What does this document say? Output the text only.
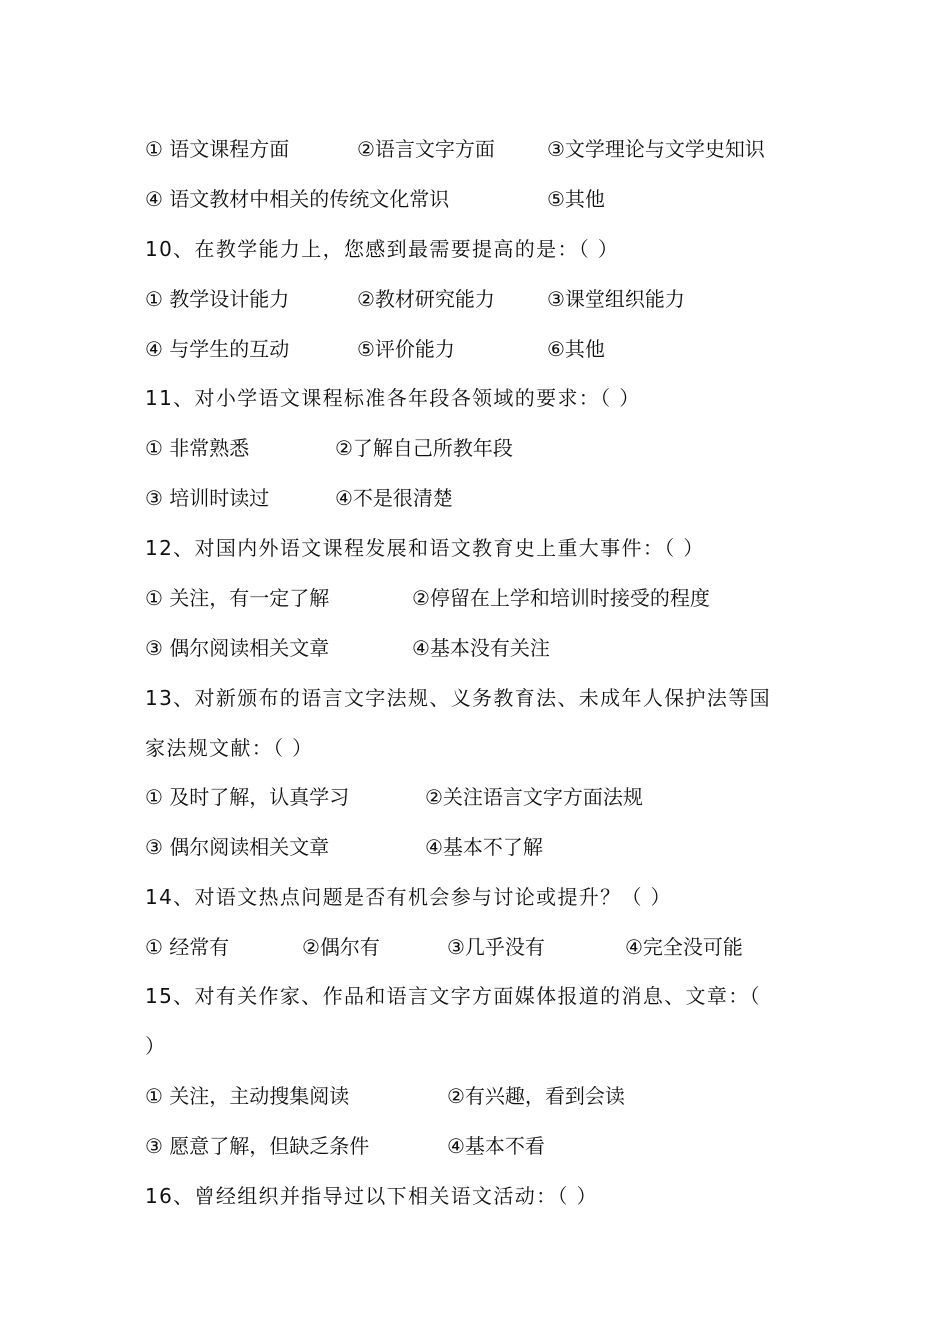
① 语文课程方面	②语言文字方面	③文学理论与文学史知识
④ 语文教材中相关的传统文化常识	⑤其他
10、在教学能力上，您感到最需要提高的是：（ ）
① 教学设计能力	②教材研究能力	③课堂组织能力
④ 与学生的互动	⑤评价能力	⑥其他
11、对小学语文课程标准各年段各领域的要求：（ ）
① 非常熟悉	②了解自己所教年段
③ 培训时读过	④不是很清楚
12、对国内外语文课程发展和语文教育史上重大事件：（ ）
① 关注，有一定了解	②停留在上学和培训时接受的程度
③ 偶尔阅读相关文章	④基本没有关注
13、对新颁布的语言文字法规、义务教育法、未成年人保护法等国
家法规文献：（ ）
① 及时了解，认真学习	②关注语言文字方面法规
③ 偶尔阅读相关文章	④基本不了解
14、对语文热点问题是否有机会参与讨论或提升？（ ）
① 经常有	②偶尔有	③几乎没有	④完全没可能
15、对有关作家、作品和语言文字方面媒体报道的消息、文章：（
）
① 关注，主动搜集阅读	②有兴趣，看到会读
③ 愿意了解，但缺乏条件	④基本不看
16、曾经组织并指导过以下相关语文活动：（ ）
